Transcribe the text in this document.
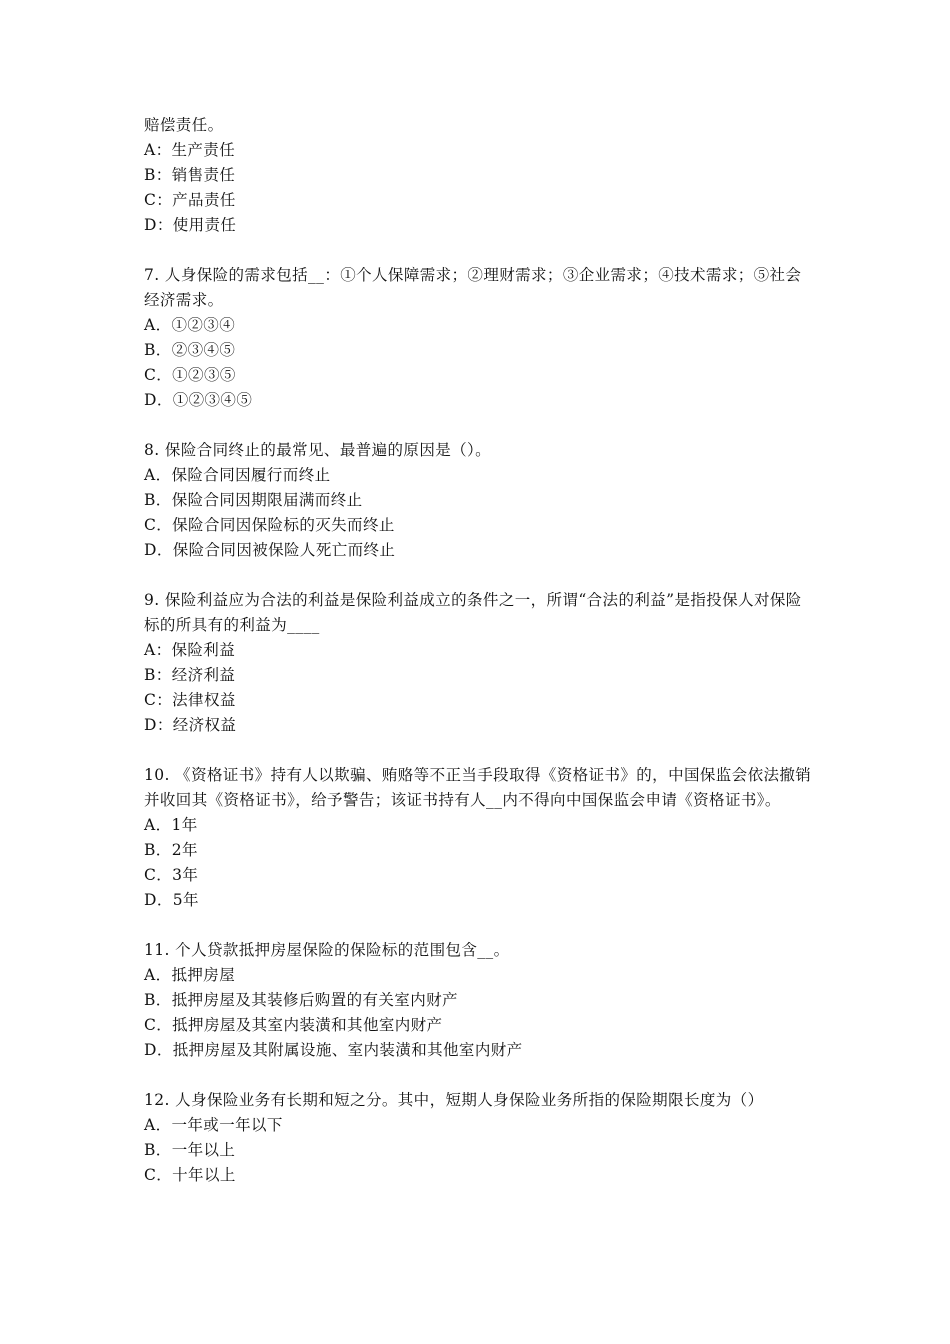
赔偿责任。
A：生产责任
B：销售责任
C：产品责任
D：使用责任
7. 人身保险的需求包括__：①个人保障需求；②理财需求；③企业需求；④技术需求；⑤社会经济需求。
A．①②③④
B．②③④⑤
C．①②③⑤
D．①②③④⑤
8. 保险合同终止的最常见、最普遍的原因是（）。
A．保险合同因履行而终止
B．保险合同因期限届满而终止
C．保险合同因保险标的灭失而终止
D．保险合同因被保险人死亡而终止
9. 保险利益应为合法的利益是保险利益成立的条件之一，所谓“合法的利益”是指投保人对保险标的所具有的利益为____
A：保险利益
B：经济利益
C：法律权益
D：经济权益
10. 《资格证书》持有人以欺骗、贿赂等不正当手段取得《资格证书》的，中国保监会依法撤销并收回其《资格证书》，给予警告；该证书持有人__内不得向中国保监会申请《资格证书》。
A．1年
B．2年
C．3年
D．5年
11. 个人贷款抵押房屋保险的保险标的范围包含__。
A．抵押房屋
B．抵押房屋及其装修后购置的有关室内财产
C．抵押房屋及其室内装潢和其他室内财产
D．抵押房屋及其附属设施、室内装潢和其他室内财产
12. 人身保险业务有长期和短之分。其中，短期人身保险业务所指的保险期限长度为（）
A．一年或一年以下
B．一年以上
C．十年以上
